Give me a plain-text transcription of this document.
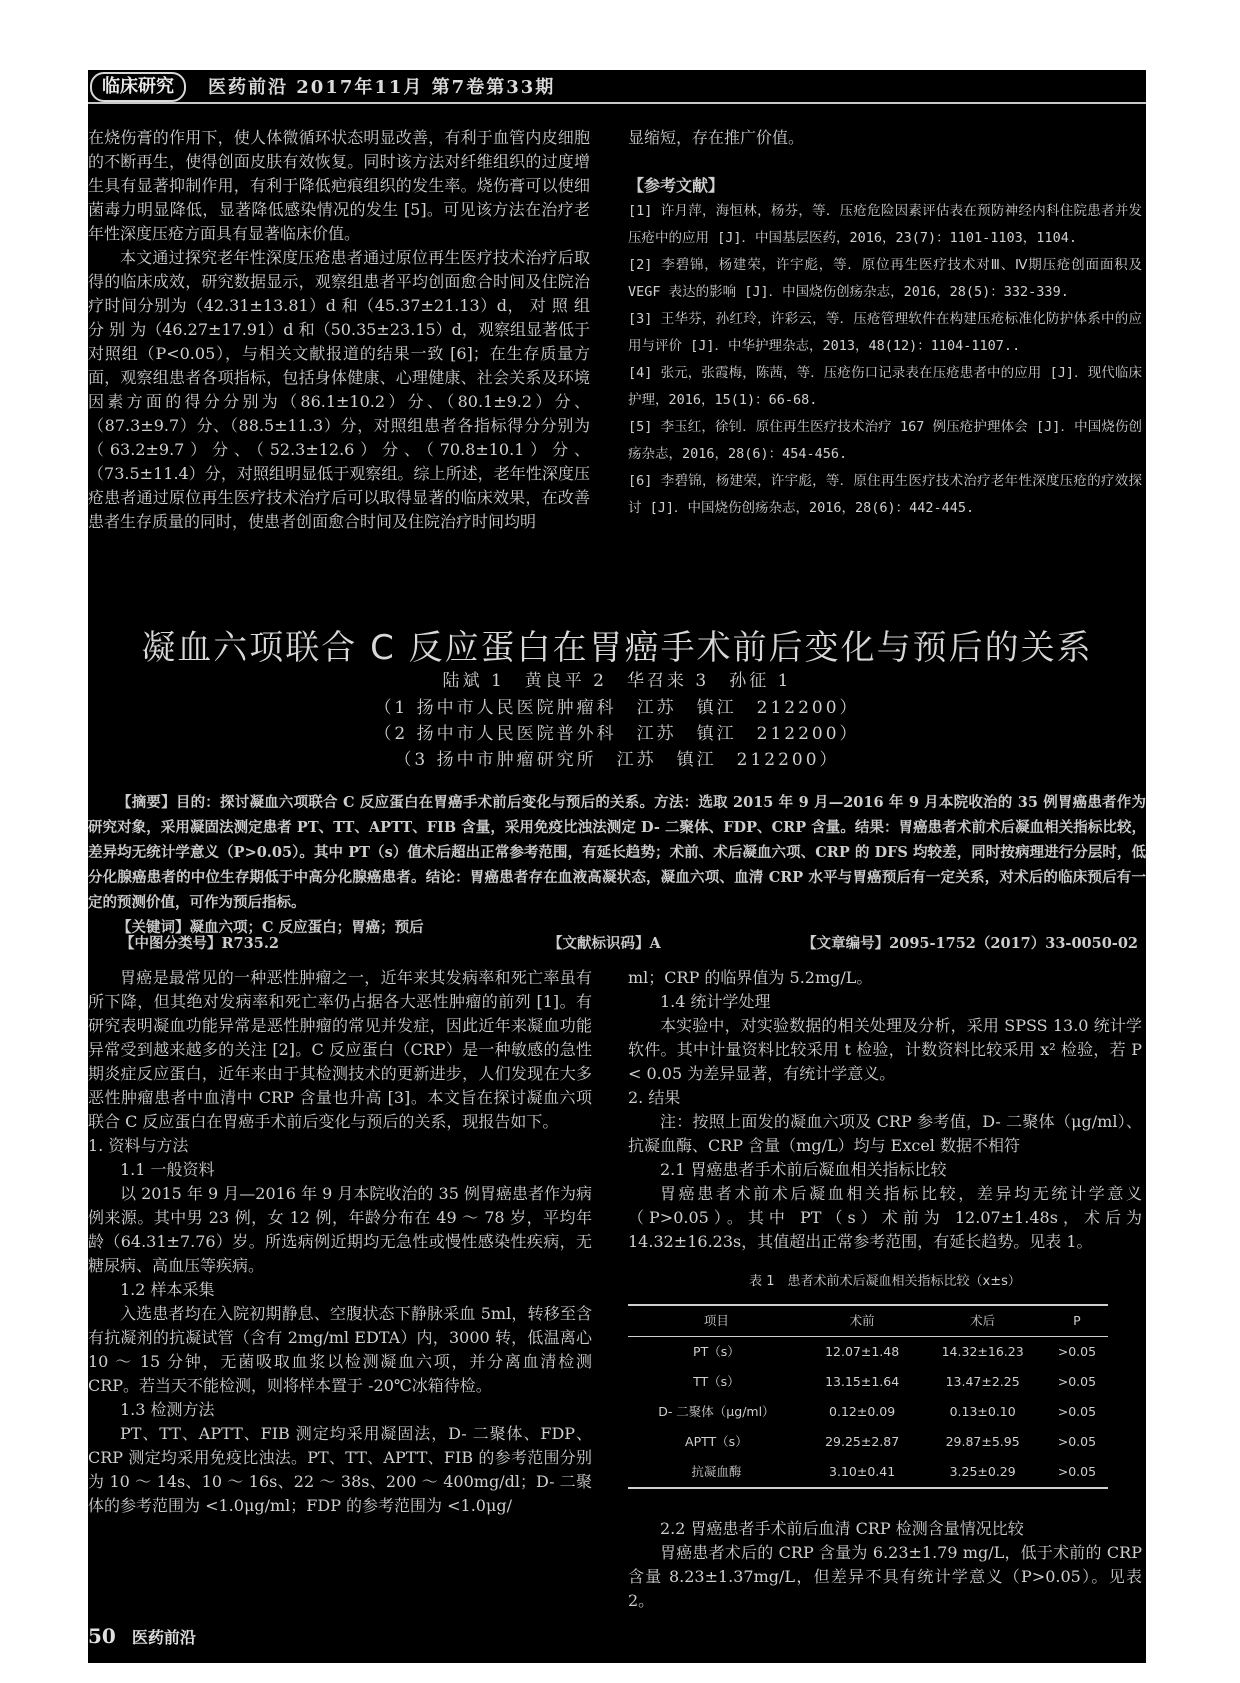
临床研究	医药前沿 2017年11月 第7卷第33期

在烧伤膏的作用下，使人体微循环状态明显改善，有利于血管内皮细胞的不断再生，使得创面皮肤有效恢复。同时该方法对纤维组织的过度增生具有显著抑制作用，有利于降低疤痕组织的发生率。烧伤膏可以使细菌毒力明显降低，显著降低感染情况的发生 [5]。可见该方法在治疗老年性深度压疮方面具有显著临床价值。

本文通过探究老年性深度压疮患者通过原位再生医疗技术治疗后取得的临床成效，研究数据显示，观察组患者平均创面愈合时间及住院治疗时间分别为（42.31±13.81）d 和（45.37±21.13）d， 对 照 组 分 别 为（46.27±17.91）d 和（50.35±23.15）d，观察组显著低于对照组（P<0.05），与相关文献报道的结果一致 [6]；在生存质量方面，观察组患者各项指标，包括身体健康、心理健康、社会关系及环境因素方面的得分分别为（86.1±10.2）分、（80.1±9.2）分、（87.3±9.7）分、（88.5±11.3）分，对照组患者各指标得分分别为（63.2±9.7）分、（52.3±12.6）分、（70.8±10.1）分、（73.5±11.4）分，对照组明显低于观察组。综上所述，老年性深度压疮患者通过原位再生医疗技术治疗后可以取得显著的临床效果，在改善患者生存质量的同时，使患者创面愈合时间及住院治疗时间均明

显缩短，存在推广价值。

【参考文献】

[1] 许月萍，海恒林，杨芬，等．压疮危险因素评估表在预防神经内科住院患者并发压疮中的应用 [J]．中国基层医药，2016，23(7)：1101-1103，1104.

[2] 李碧锦，杨建荣，许宇彪，等．原位再生医疗技术对Ⅲ、Ⅳ期压疮创面面积及 VEGF 表达的影响 [J]．中国烧伤创疡杂志，2016，28(5)：332-339.

[3] 王华芬，孙红玲，许彩云，等．压疮管理软件在构建压疮标准化防护体系中的应用与评价 [J]．中华护理杂志，2013，48(12)：1104-1107..

[4] 张元，张霞梅，陈茜，等．压疮伤口记录表在压疮患者中的应用 [J]．现代临床护理，2016，15(1)：66-68.

[5] 李玉红，徐钊．原住再生医疗技术治疗 167 例压疮护理体会 [J]．中国烧伤创疡杂志，2016，28(6)：454-456.

[6] 李碧锦，杨建荣，许宇彪，等．原住再生医疗技术治疗老年性深度压疮的疗效探讨 [J]．中国烧伤创疡杂志，2016，28(6)：442-445.

凝血六项联合 C 反应蛋白在胃癌手术前后变化与预后的关系
陆斌 1　黄良平 2　华召来 3　孙征 1
（1 扬中市人民医院肿瘤科　江苏　镇江　212200）
（2 扬中市人民医院普外科　江苏　镇江　212200）
（3 扬中市肿瘤研究所　江苏　镇江　212200）

【摘要】目的：探讨凝血六项联合 C 反应蛋白在胃癌手术前后变化与预后的关系。方法：选取 2015 年 9 月—2016 年 9 月本院收治的 35 例胃癌患者作为研究对象，采用凝固法测定患者 PT、TT、APTT、FIB 含量，采用免疫比浊法测定 D- 二聚体、FDP、CRP 含量。结果：胃癌患者术前术后凝血相关指标比较，差异均无统计学意义（P>0.05）。其中 PT（s）值术后超出正常参考范围，有延长趋势；术前、术后凝血六项、CRP 的 DFS 均较差，同时按病理进行分层时，低分化腺癌患者的中位生存期低于中高分化腺癌患者。结论：胃癌患者存在血液高凝状态，凝血六项、血清 CRP 水平与胃癌预后有一定关系，对术后的临床预后有一定的预测价值，可作为预后指标。

【关键词】凝血六项；C 反应蛋白；胃癌；预后

【中图分类号】R735.2	【文献标识码】A	【文章编号】2095-1752（2017）33-0050-02

胃癌是最常见的一种恶性肿瘤之一，近年来其发病率和死亡率虽有所下降，但其绝对发病率和死亡率仍占据各大恶性肿瘤的前列 [1]。有研究表明凝血功能异常是恶性肿瘤的常见并发症，因此近年来凝血功能异常受到越来越多的关注 [2]。C 反应蛋白（CRP）是一种敏感的急性期炎症反应蛋白，近年来由于其检测技术的更新进步，人们发现在大多恶性肿瘤患者中血清中 CRP 含量也升高 [3]。本文旨在探讨凝血六项联合 C 反应蛋白在胃癌手术前后变化与预后的关系，现报告如下。

1. 资料与方法

1.1 一般资料

以 2015 年 9 月—2016 年 9 月本院收治的 35 例胃癌患者作为病例来源。其中男 23 例，女 12 例，年龄分布在 49 ～ 78 岁，平均年龄（64.31±7.76）岁。所选病例近期均无急性或慢性感染性疾病，无糖尿病、高血压等疾病。

1.2 样本采集

入选患者均在入院初期静息、空腹状态下静脉采血 5ml，转移至含有抗凝剂的抗凝试管（含有 2mg/ml EDTA）内，3000 转，低温离心 10 ～ 15 分钟，无菌吸取血浆以检测凝血六项，并分离血清检测 CRP。若当天不能检测，则将样本置于 -20℃冰箱待检。

1.3 检测方法

PT、TT、APTT、FIB 测定均采用凝固法，D- 二聚体、FDP、CRP 测定均采用免疫比浊法。PT、TT、APTT、FIB 的参考范围分别为 10 ～ 14s、10 ～ 16s、22 ～ 38s、200 ～ 400mg/dl；D- 二聚体的参考范围为 <1.0μg/ml；FDP 的参考范围为 <1.0μg/

ml；CRP 的临界值为 5.2mg/L。

1.4 统计学处理

本实验中，对实验数据的相关处理及分析，采用 SPSS 13.0 统计学软件。其中计量资料比较采用 t 检验，计数资料比较采用 x² 检验，若 P < 0.05 为差异显著，有统计学意义。

2. 结果

注：按照上面发的凝血六项及 CRP 参考值，D- 二聚体（μg/ml）、抗凝血酶、CRP 含量（mg/L）均与 Excel 数据不相符

2.1 胃癌患者手术前后凝血相关指标比较

胃癌患者术前术后凝血相关指标比较，差异均无统计学意义（P>0.05）。其中 PT（s）术前为 12.07±1.48s，术后为 14.32±16.23s，其值超出正常参考范围，有延长趋势。见表 1。

表 1　患者术前术后凝血相关指标比较（x±s）
项目	术前	术后	P
PT（s）	12.07±1.48	14.32±16.23	>0.05
TT（s）	13.15±1.64	13.47±2.25	>0.05
D- 二聚体（μg/ml）	0.12±0.09	0.13±0.10	>0.05
APTT（s）	29.25±2.87	29.87±5.95	>0.05
抗凝血酶	3.10±0.41	3.25±0.29	>0.05

2.2 胃癌患者手术前后血清 CRP 检测含量情况比较

胃癌患者术后的 CRP 含量为 6.23±1.79 mg/L，低于术前的 CRP 含量 8.23±1.37mg/L，但差异不具有统计学意义（P>0.05）。见表 2。

50 医药前沿
